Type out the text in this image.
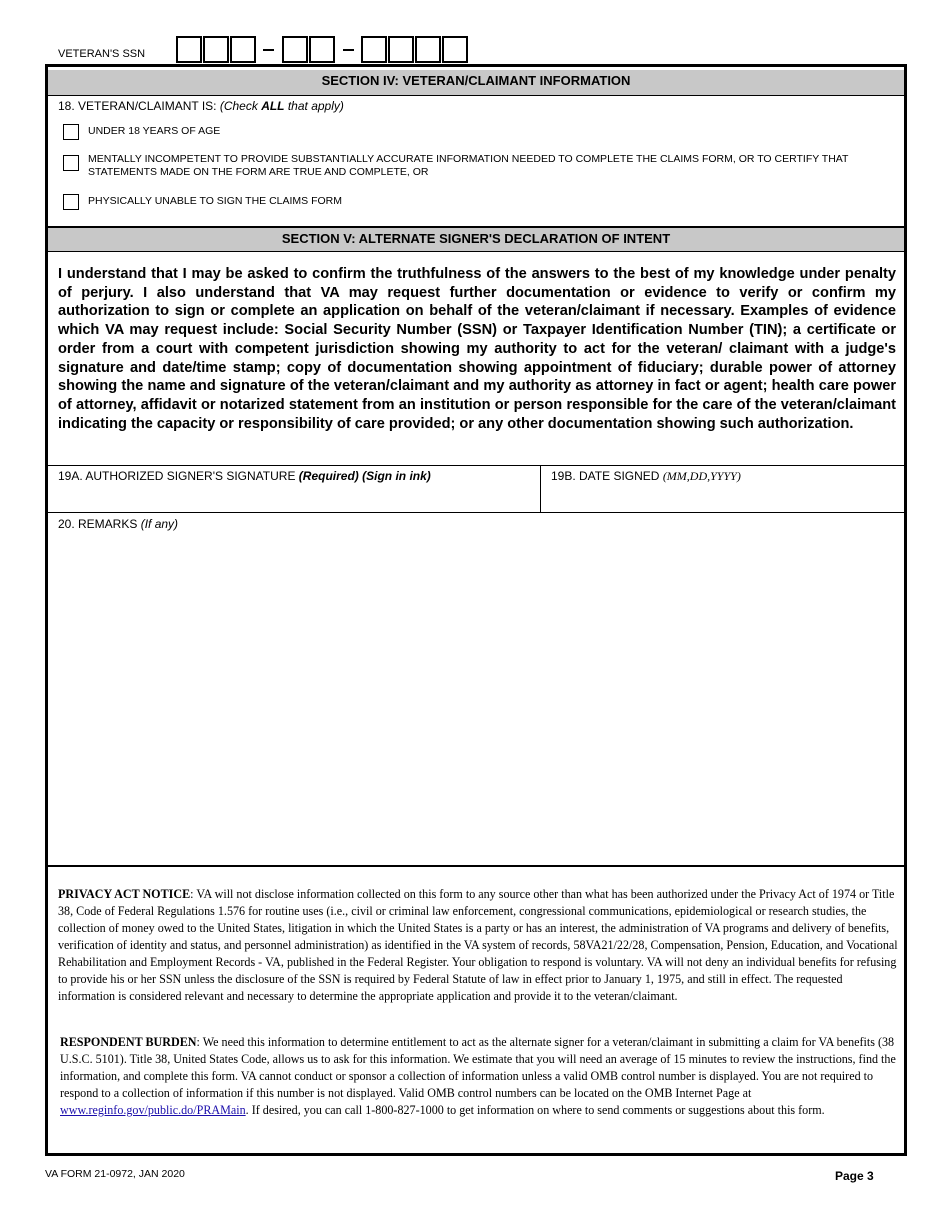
VETERAN'S SSN
SECTION IV: VETERAN/CLAIMANT INFORMATION
18. VETERAN/CLAIMANT IS: (Check ALL that apply)
UNDER 18 YEARS OF AGE
MENTALLY INCOMPETENT TO PROVIDE SUBSTANTIALLY ACCURATE INFORMATION NEEDED TO COMPLETE THE CLAIMS FORM, OR TO CERTIFY THAT STATEMENTS MADE ON THE FORM ARE TRUE AND COMPLETE, OR
PHYSICALLY UNABLE TO SIGN THE CLAIMS FORM
SECTION V: ALTERNATE SIGNER'S DECLARATION OF INTENT
I understand that I may be asked to confirm the truthfulness of the answers to the best of my knowledge under penalty of perjury. I also understand that VA may request further documentation or evidence to verify or confirm my authorization to sign or complete an application on behalf of the veteran/claimant if necessary. Examples of evidence which VA may request include: Social Security Number (SSN) or Taxpayer Identification Number (TIN); a certificate or order from a court with competent jurisdiction showing my authority to act for the veteran/ claimant with a judge's signature and date/time stamp; copy of documentation showing appointment of fiduciary; durable power of attorney showing the name and signature of the veteran/claimant and my authority as attorney in fact or agent; health care power of attorney, affidavit or notarized statement from an institution or person responsible for the care of the veteran/claimant indicating the capacity or responsibility of care provided; or any other documentation showing such authorization.
19A. AUTHORIZED SIGNER'S SIGNATURE (Required) (Sign in ink)	19B. DATE SIGNED (MM,DD,YYYY)
20. REMARKS (If any)
PRIVACY ACT NOTICE: VA will not disclose information collected on this form to any source other than what has been authorized under the Privacy Act of 1974 or Title 38, Code of Federal Regulations 1.576 for routine uses (i.e., civil or criminal law enforcement, congressional communications, epidemiological or research studies, the collection of money owed to the United States, litigation in which the United States is a party or has an interest, the administration of VA programs and delivery of benefits, verification of identity and status, and personnel administration) as identified in the VA system of records, 58VA21/22/28, Compensation, Pension, Education, and Vocational Rehabilitation and Employment Records - VA, published in the Federal Register. Your obligation to respond is voluntary. VA will not deny an individual benefits for refusing to provide his or her SSN unless the disclosure of the SSN is required by Federal Statute of law in effect prior to January 1, 1975, and still in effect. The requested information is considered relevant and necessary to determine the appropriate application and provide it to the veteran/claimant.
RESPONDENT BURDEN: We need this information to determine entitlement to act as the alternate signer for a veteran/claimant in submitting a claim for VA benefits (38 U.S.C. 5101). Title 38, United States Code, allows us to ask for this information. We estimate that you will need an average of 15 minutes to review the instructions, find the information, and complete this form. VA cannot conduct or sponsor a collection of information unless a valid OMB control number is displayed. You are not required to respond to a collection of information if this number is not displayed. Valid OMB control numbers can be located on the OMB Internet Page at www.reginfo.gov/public.do/PRAMain. If desired, you can call 1-800-827-1000 to get information on where to send comments or suggestions about this form.
VA FORM 21-0972, JAN 2020	Page 3
